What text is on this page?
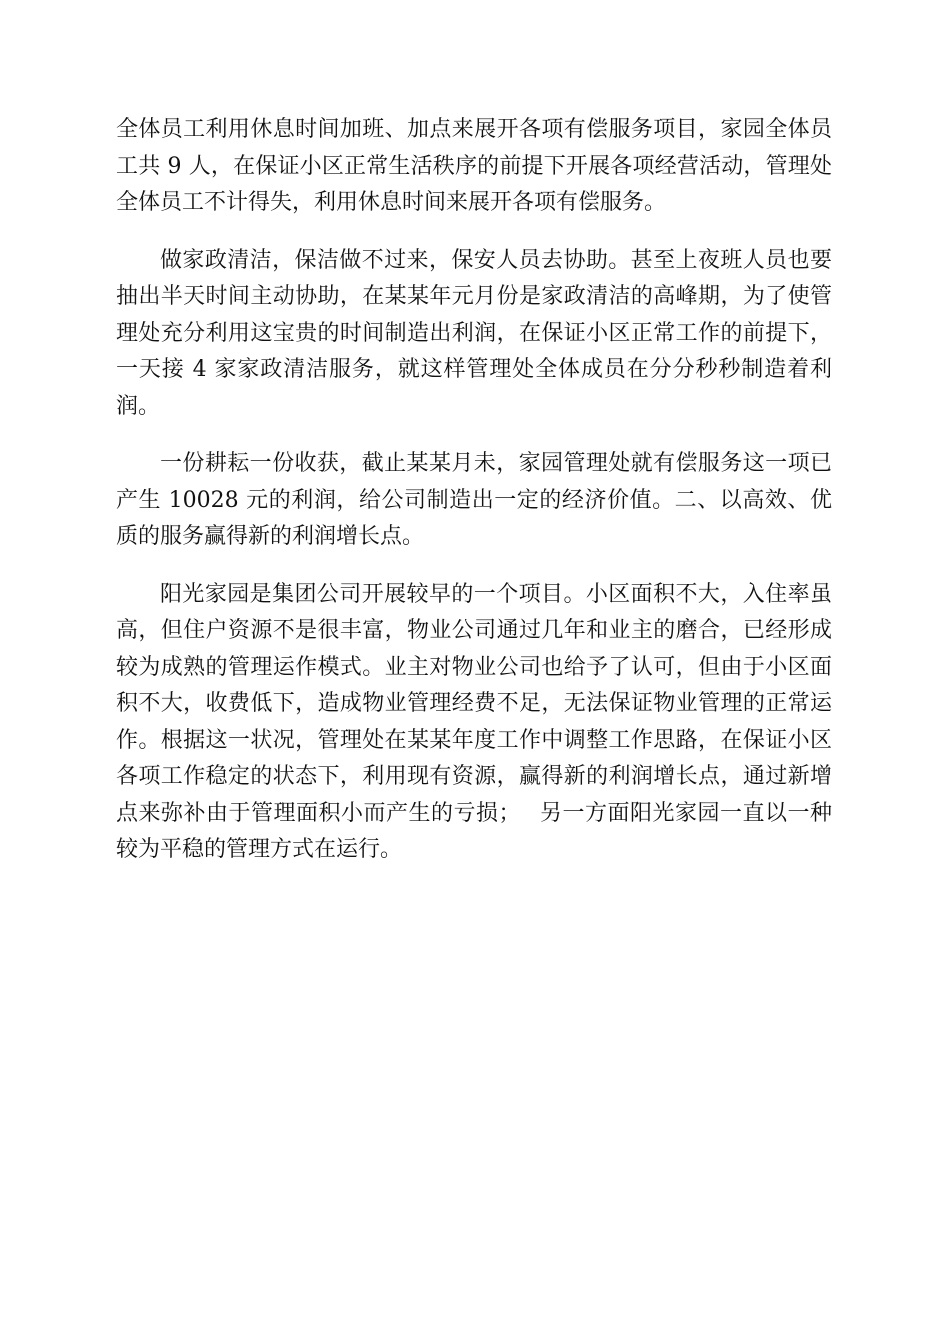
全体员工利用休息时间加班、加点来展开各项有偿服务项目，家园全体员工共 9 人，在保证小区正常生活秩序的前提下开展各项经营活动，管理处全体员工不计得失，利用休息时间来展开各项有偿服务。

做家政清洁，保洁做不过来，保安人员去协助。甚至上夜班人员也要抽出半天时间主动协助，在某某年元月份是家政清洁的高峰期，为了使管理处充分利用这宝贵的时间制造出利润，在保证小区正常工作的前提下，一天接 4 家家政清洁服务，就这样管理处全体成员在分分秒秒制造着利润。

一份耕耘一份收获，截止某某月未，家园管理处就有偿服务这一项已产生 10028 元的利润，给公司制造出一定的经济价值。二、以高效、优质的服务赢得新的利润增长点。

阳光家园是集团公司开展较早的一个项目。小区面积不大，入住率虽高，但住户资源不是很丰富，物业公司通过几年和业主的磨合，已经形成较为成熟的管理运作模式。业主对物业公司也给予了认可，但由于小区面积不大，收费低下，造成物业管理经费不足，无法保证物业管理的正常运作。根据这一状况，管理处在某某年度工作中调整工作思路，在保证小区各项工作稳定的状态下，利用现有资源，赢得新的利润增长点，通过新增点来弥补由于管理面积小而产生的亏损；　 另一方面阳光家园一直以一种较为平稳的管理方式在运行。
